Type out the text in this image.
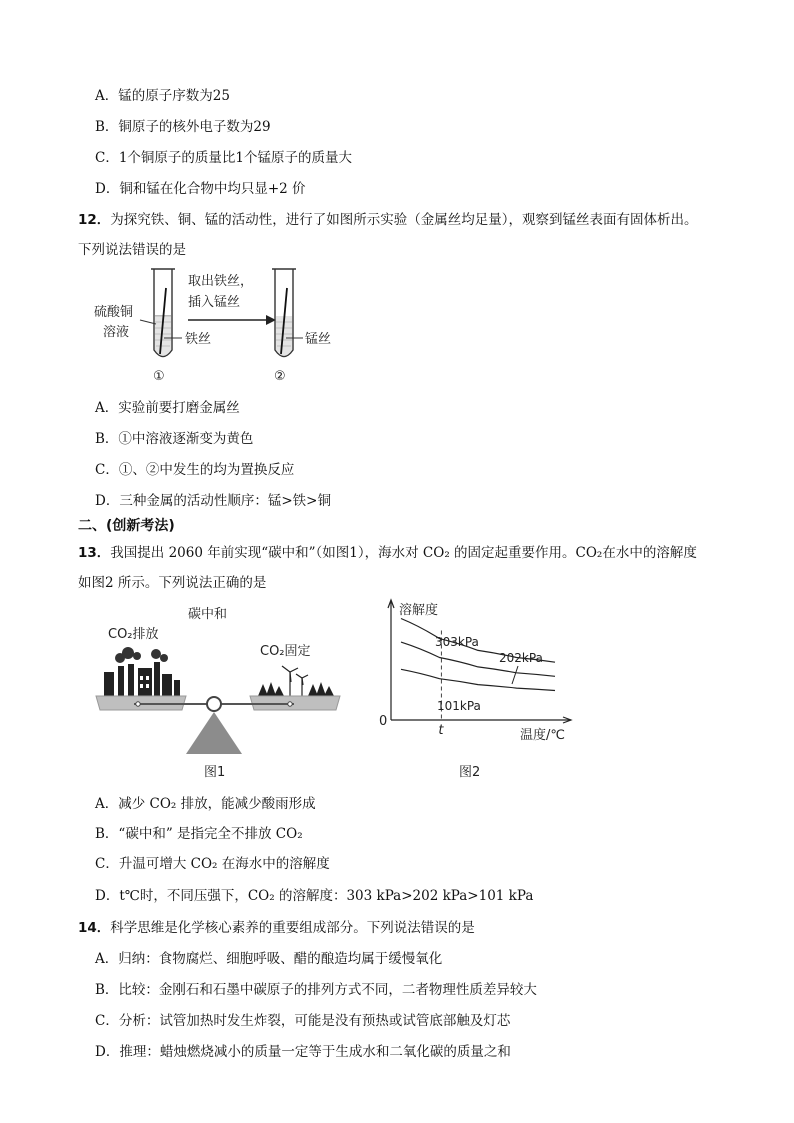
A．锰的原子序数为25
B．铜原子的核外电子数为29
C．1个铜原子的质量比1个锰原子的质量大
D．铜和锰在化合物中均只显+2 价
12．为探究铁、铜、锰的活动性，进行了如图所示实验（金属丝均足量），观察到锰丝表面有固体析出。
下列说法错误的是
硫酸铜
溶液	铁丝
①
取出铁丝，
插入锰丝
锰丝
②
A．实验前要打磨金属丝
B．①中溶液逐渐变为黄色
C．①、②中发生的均为置换反应
D．三种金属的活动性顺序：锰>铁>铜
二、(创新考法)
13．我国提出 2060 年前实现“碳中和”（如图1），海水对 CO₂ 的固定起重要作用。CO₂在水中的溶解度
如图2 所示。下列说法正确的是
碳中和
CO₂排放
CO₂固定
图1
溶解度
温度/℃
0
t
303kPa
202kPa
101kPa
图2
A．减少 CO₂ 排放，能减少酸雨形成
B．“碳中和” 是指完全不排放 CO₂
C．升温可增大 CO₂ 在海水中的溶解度
D．t℃时，不同压强下，CO₂ 的溶解度：303 kPa>202 kPa>101 kPa
14．科学思维是化学核心素养的重要组成部分。下列说法错误的是
A．归纳：食物腐烂、细胞呼吸、醋的酿造均属于缓慢氧化
B．比较：金刚石和石墨中碳原子的排列方式不同，二者物理性质差异较大
C．分析：试管加热时发生炸裂，可能是没有预热或试管底部触及灯芯
D．推理：蜡烛燃烧减小的质量一定等于生成水和二氧化碳的质量之和
